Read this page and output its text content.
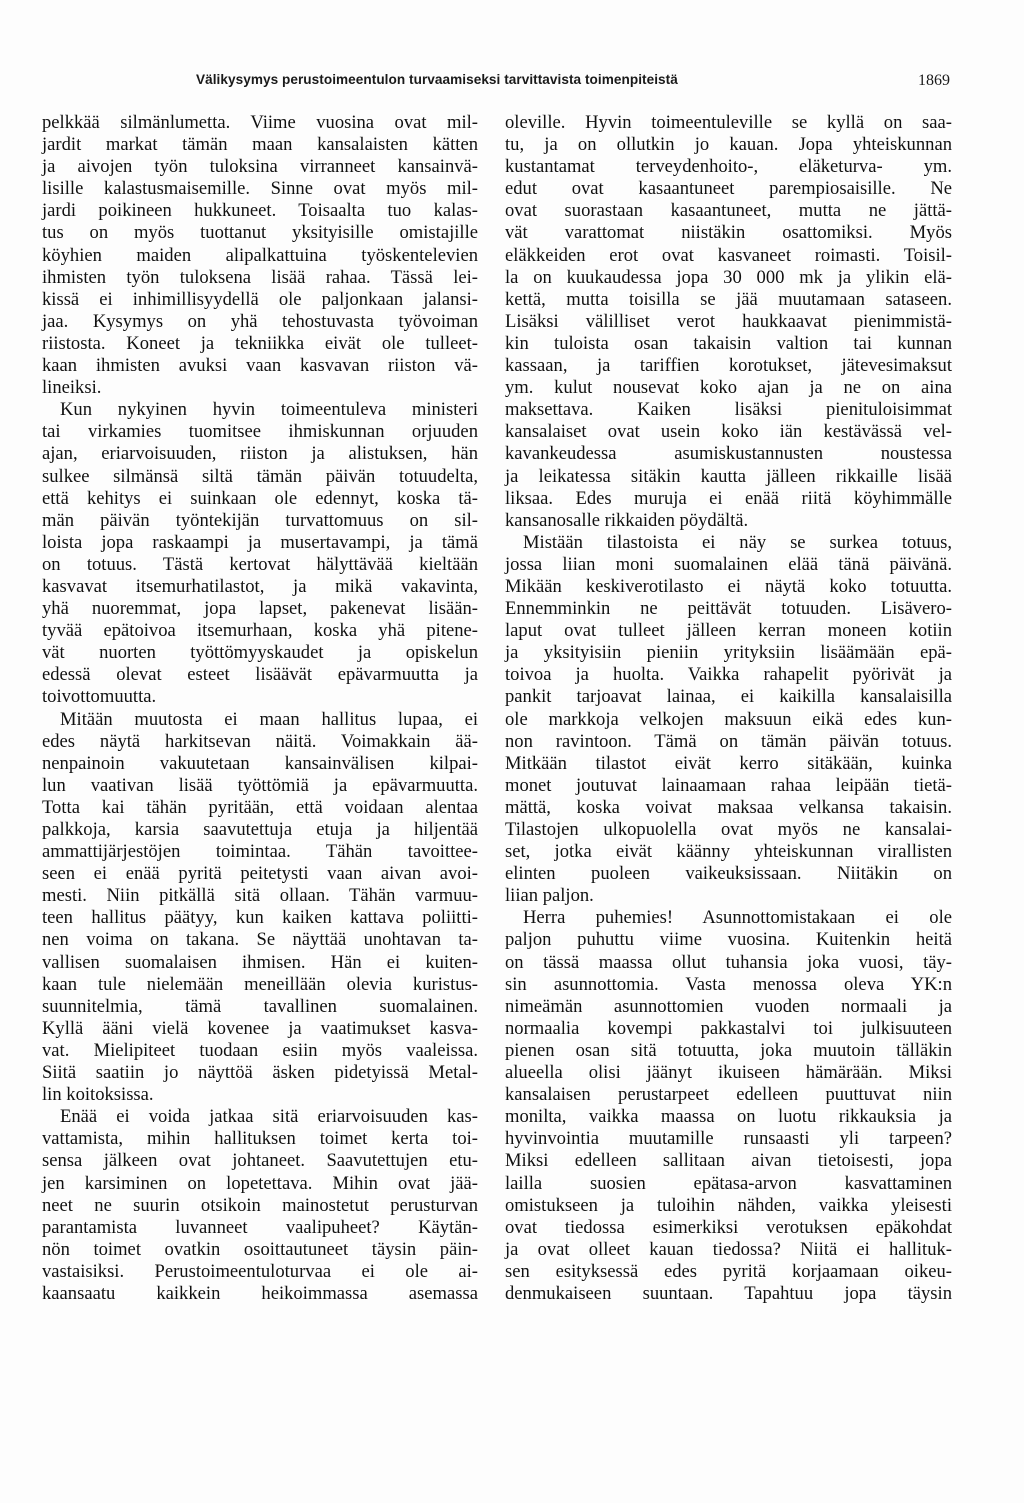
Välikysymys perustoimeentulon turvaamiseksi tarvittavista toimenpiteistä	1869
pelkkää silmänlumetta. Viime vuosina ovat mil-
jardit markat tämän maan kansalaisten kätten
ja aivojen työn tuloksina virranneet kansainvä-
lisille kalastusmaisemille. Sinne ovat myös mil-
jardi poikineen hukkuneet. Toisaalta tuo kalas-
tus on myös tuottanut yksityisille omistajille
köyhien maiden alipalkattuina työskentelevien
ihmisten työn tuloksena lisää rahaa. Tässä lei-
kissä ei inhimillisyydellä ole paljonkaan jalansi-
jaa. Kysymys on yhä tehostuvasta työvoiman
riistosta. Koneet ja tekniikka eivät ole tulleet-
kaan ihmisten avuksi vaan kasvavan riiston vä-
lineiksi.
Kun nykyinen hyvin toimeentuleva ministeri
tai virkamies tuomitsee ihmiskunnan orjuuden
ajan, eriarvoisuuden, riiston ja alistuksen, hän
sulkee silmänsä siltä tämän päivän totuudelta,
että kehitys ei suinkaan ole edennyt, koska tä-
män päivän työntekijän turvattomuus on sil-
loista jopa raskaampi ja musertavampi, ja tämä
on totuus. Tästä kertovat hälyttävää kieltään
kasvavat itsemurhatilastot, ja mikä vakavinta,
yhä nuoremmat, jopa lapset, pakenevat lisään-
tyvää epätoivoa itsemurhaan, koska yhä pitene-
vät nuorten työttömyyskaudet ja opiskelun
edessä olevat esteet lisäävät epävarmuutta ja
toivottomuutta.
Mitään muutosta ei maan hallitus lupaa, ei
edes näytä harkitsevan näitä. Voimakkain ää-
nenpainoin vakuutetaan kansainvälisen kilpai-
lun vaativan lisää työttömiä ja epävarmuutta.
Totta kai tähän pyritään, että voidaan alentaa
palkkoja, karsia saavutettuja etuja ja hiljentää
ammattijärjestöjen toimintaa. Tähän tavoittee-
seen ei enää pyritä peitetysti vaan aivan avoi-
mesti. Niin pitkällä sitä ollaan. Tähän varmuu-
teen hallitus päätyy, kun kaiken kattava poliitti-
nen voima on takana. Se näyttää unohtavan ta-
vallisen suomalaisen ihmisen. Hän ei kuiten-
kaan tule nielemään meneillään olevia kuristus-
suunnitelmia, tämä tavallinen suomalainen.
Kyllä ääni vielä kovenee ja vaatimukset kasva-
vat. Mielipiteet tuodaan esiin myös vaaleissa.
Siitä saatiin jo näyttöä äsken pidetyissä Metal-
lin koitoksissa.
Enää ei voida jatkaa sitä eriarvoisuuden kas-
vattamista, mihin hallituksen toimet kerta toi-
sensa jälkeen ovat johtaneet. Saavutettujen etu-
jen karsiminen on lopetettava. Mihin ovat jää-
neet ne suurin otsikoin mainostetut perusturvan
parantamista luvanneet vaalipuheet? Käytän-
nön toimet ovatkin osoittautuneet täysin päin-
vastaisiksi. Perustoimeentuloturvaa ei ole ai-
kaansaatu kaikkein heikoimmassa asemassa
oleville. Hyvin toimeentuleville se kyllä on saa-
tu, ja on ollutkin jo kauan. Jopa yhteiskunnan
kustantamat terveydenhoito-, eläketurva- ym.
edut ovat kasaantuneet parempiosaisille. Ne
ovat suorastaan kasaantuneet, mutta ne jättä-
vät varattomat niistäkin osattomiksi. Myös
eläkkeiden erot ovat kasvaneet roimasti. Toisil-
la on kuukaudessa jopa 30 000 mk ja ylikin elä-
kettä, mutta toisilla se jää muutamaan sataseen.
Lisäksi välilliset verot haukkaavat pienimmistä-
kin tuloista osan takaisin valtion tai kunnan
kassaan, ja tariffien korotukset, jätevesimaksut
ym. kulut nousevat koko ajan ja ne on aina
maksettava. Kaiken lisäksi pienituloisimmat
kansalaiset ovat usein koko iän kestävässä vel-
kavankeudessa asumiskustannusten noustessa
ja leikatessa sitäkin kautta jälleen rikkaille lisää
liksaa. Edes muruja ei enää riitä köyhimmälle
kansanosalle rikkaiden pöydältä.
Mistään tilastoista ei näy se surkea totuus,
jossa liian moni suomalainen elää tänä päivänä.
Mikään keskiverotilasto ei näytä koko totuutta.
Ennemminkin ne peittävät totuuden. Lisävero-
laput ovat tulleet jälleen kerran moneen kotiin
ja yksityisiin pieniin yrityksiin lisäämään epä-
toivoa ja huolta. Vaikka rahapelit pyörivät ja
pankit tarjoavat lainaa, ei kaikilla kansalaisilla
ole markkoja velkojen maksuun eikä edes kun-
non ravintoon. Tämä on tämän päivän totuus.
Mitkään tilastot eivät kerro sitäkään, kuinka
monet joutuvat lainaamaan rahaa leipään tietä-
mättä, koska voivat maksaa velkansa takaisin.
Tilastojen ulkopuolella ovat myös ne kansalai-
set, jotka eivät käänny yhteiskunnan virallisten
elinten puoleen vaikeuksissaan. Niitäkin on
liian paljon.
Herra puhemies! Asunnottomistakaan ei ole
paljon puhuttu viime vuosina. Kuitenkin heitä
on tässä maassa ollut tuhansia joka vuosi, täy-
sin asunnottomia. Vasta menossa oleva YK:n
nimeämän asunnottomien vuoden normaali ja
normaalia kovempi pakkastalvi toi julkisuuteen
pienen osan sitä totuutta, joka muutoin tälläkin
alueella olisi jäänyt ikuiseen hämärään. Miksi
kansalaisen perustarpeet edelleen puuttuvat niin
monilta, vaikka maassa on luotu rikkauksia ja
hyvinvointia muutamille runsaasti yli tarpeen?
Miksi edelleen sallitaan aivan tietoisesti, jopa
lailla suosien epätasa-arvon kasvattaminen
omistukseen ja tuloihin nähden, vaikka yleisesti
ovat tiedossa esimerkiksi verotuksen epäkohdat
ja ovat olleet kauan tiedossa? Niitä ei hallituk-
sen esityksessä edes pyritä korjaamaan oikeu-
denmukaiseen suuntaan. Tapahtuu jopa täysin
